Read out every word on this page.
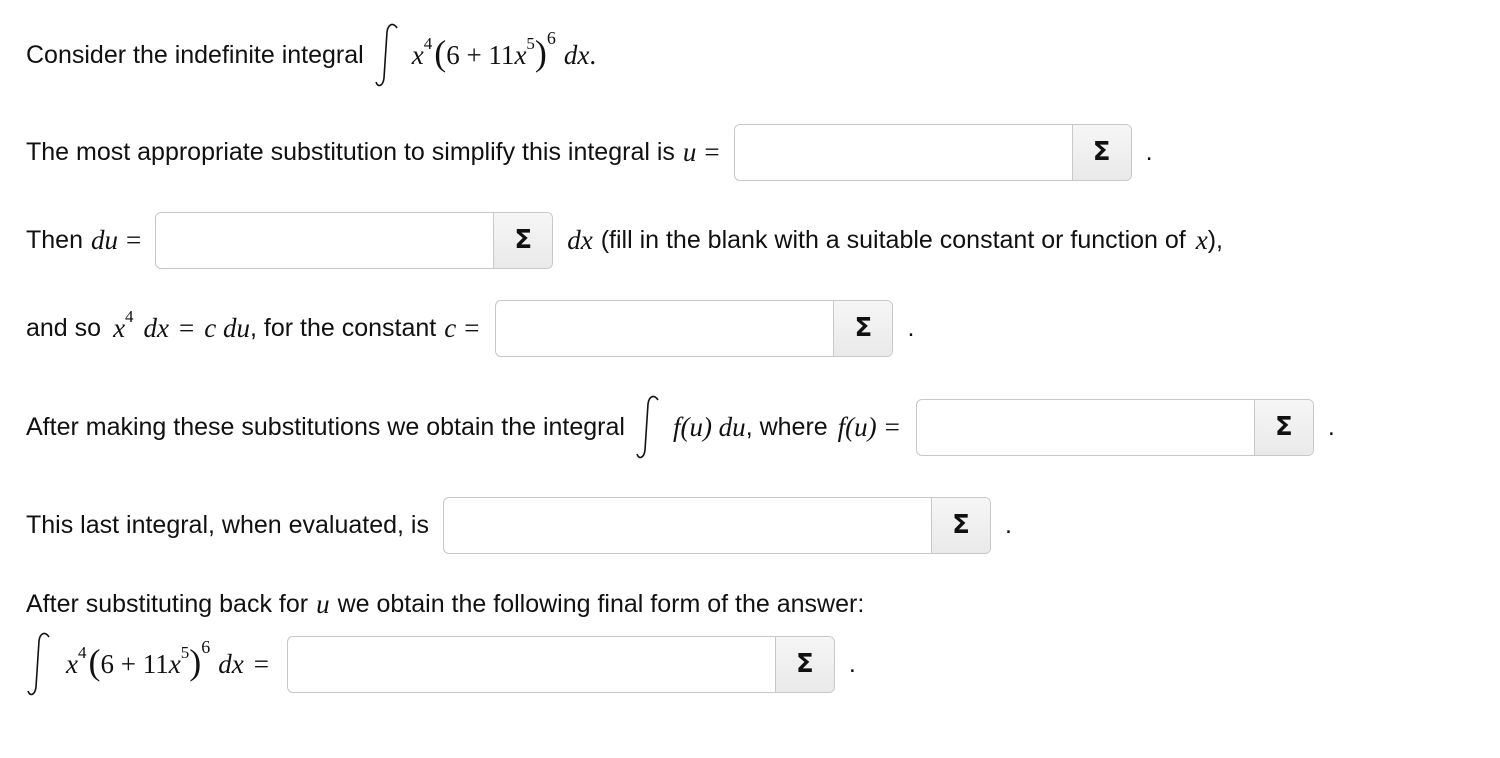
Consider the indefinite integral x 4 ( 6 + 11 x 5 ) 6
dx .
The most appropriate substitution to simplify this integral is u =	Σ	.
Then du =	Σ	dx (fill in the blank with a suitable constant or function of x ),
and so x 4 dx = c du , for the constant c =	Σ	.
After making these substitutions we obtain the integral f(u) du , where f(u) =	Σ	.
This last integral, when evaluated, is	Σ	.
After substituting back for u we obtain the following final form of the answer:
x 4 ( 6 + 11 x 5 ) 6
dx =	Σ	.
